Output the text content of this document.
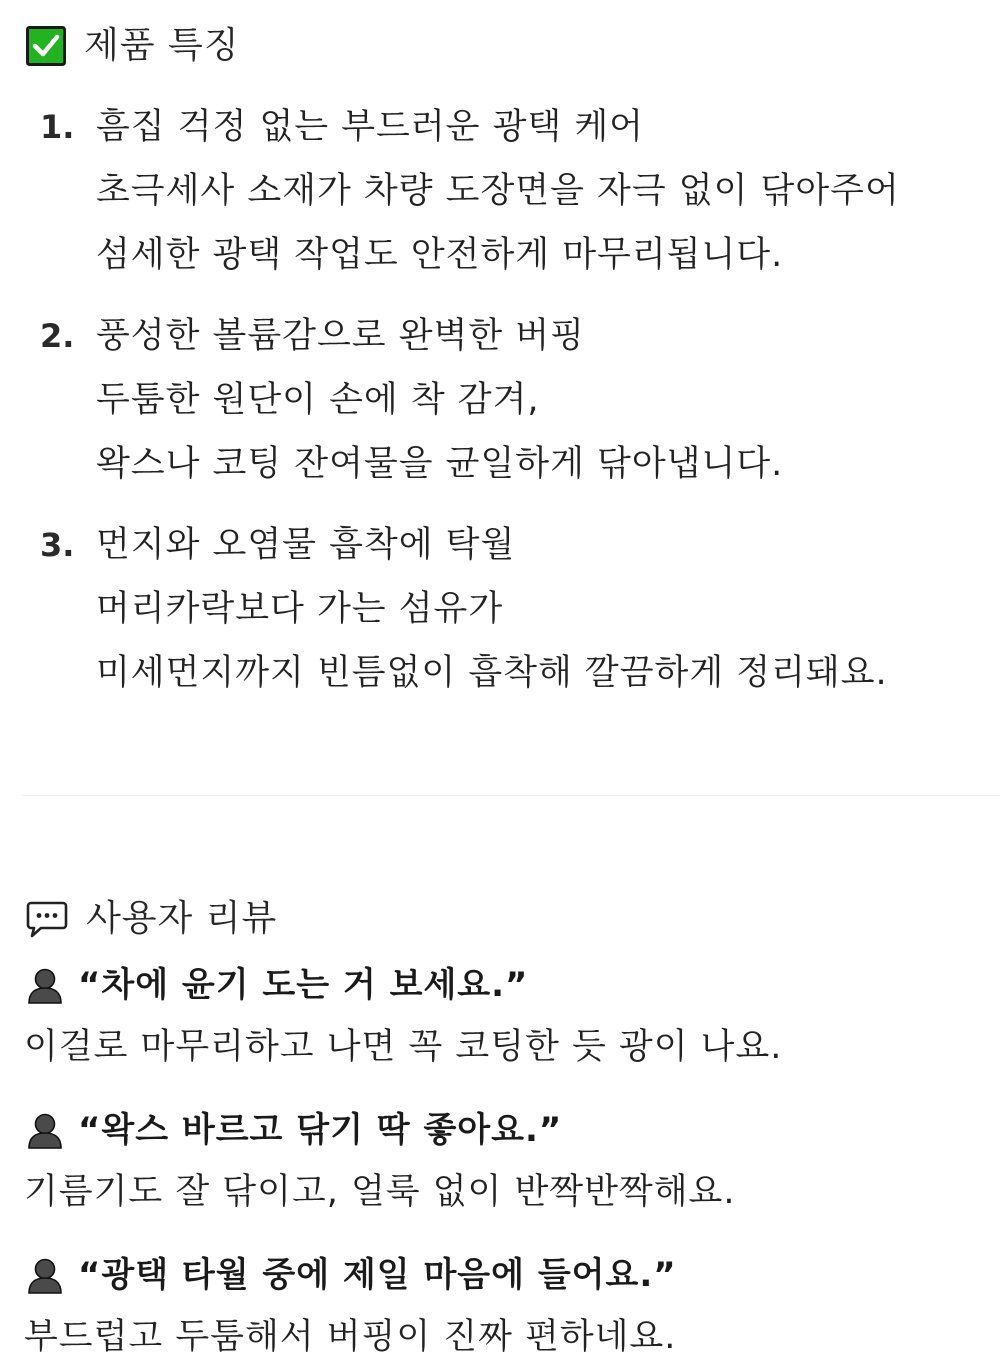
제품 특징
1. 흠집 걱정 없는 부드러운 광택 케어
초극세사 소재가 차량 도장면을 자극 없이 닦아주어
섬세한 광택 작업도 안전하게 마무리됩니다.
2. 풍성한 볼륨감으로 완벽한 버핑
두툼한 원단이 손에 착 감겨,
왁스나 코팅 잔여물을 균일하게 닦아냅니다.
3. 먼지와 오염물 흡착에 탁월
머리카락보다 가는 섬유가
미세먼지까지 빈틈없이 흡착해 깔끔하게 정리돼요.
사용자 리뷰
“차에 윤기 도는 거 보세요.”
이걸로 마무리하고 나면 꼭 코팅한 듯 광이 나요.
“왁스 바르고 닦기 딱 좋아요.”
기름기도 잘 닦이고, 얼룩 없이 반짝반짝해요.
“광택 타월 중에 제일 마음에 들어요.”
부드럽고 두툼해서 버핑이 진짜 편하네요.
